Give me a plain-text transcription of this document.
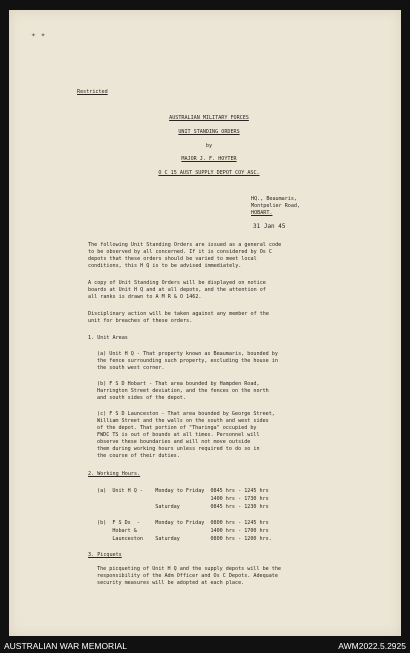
✦ ✦
Restricted
AUSTRALIAN MILITARY FORCES
UNIT STANDING ORDERS
by
MAJOR J. F. HOYTER
O C 15 AUST SUPPLY DEPOT COY ASC.
HQ., Beaumaris,
Montpelier Road,
HOBART.
31 Jan 45
The following Unit Standing Orders are issued as a general code
to be observed by all concerned. If it is considered by Os C
depots that these orders should be varied to meet local
conditions, this H Q is to be advised immediately.
A copy of Unit Standing Orders will be displayed on notice
boards at Unit H Q and at all depots, and the attention of
all ranks is drawn to A M R & O 1462.
Disciplinary action will be taken against any member of the
unit for breaches of these orders.
1. Unit Areas
(a) Unit H Q - That property known as Beaumaris, bounded by
the fence surrounding such property, excluding the house in
the south west corner.
(b) F S D Hobart - That area bounded by Hampden Road,
Harrington Street deviation, and the fences on the north
and south sides of the depot.
(c) F S D Launceston - That area bounded by George Street,
William Street and the walls on the south and west sides
of the depot. That portion of "Tharinga" occupied by
FWDC TS is out of bounds at all times. Personnel will
observe these boundaries and will not move outside
them during working hours unless required to do so in
the course of their duties.
2. Working Hours.
(a)  Unit H Q -    Monday to Friday  0845 hrs - 1245 hrs
1400 hrs - 1730 hrs
Saturday          0845 hrs - 1230 hrs
(b)  F S Ds  -     Monday to Friday  0800 hrs - 1245 hrs
Hobart &                        1400 hrs - 1700 hrs
Launceston    Saturday          0800 hrs - 1200 hrs.
3. Picquets
The picqueting of Unit H Q and the supply depots will be the
responsibility of the Adm Officer and Os C Depots. Adequate
security measures will be adopted at each place.
AUSTRALIAN WAR MEMORIAL	AWM2022.5.2925
